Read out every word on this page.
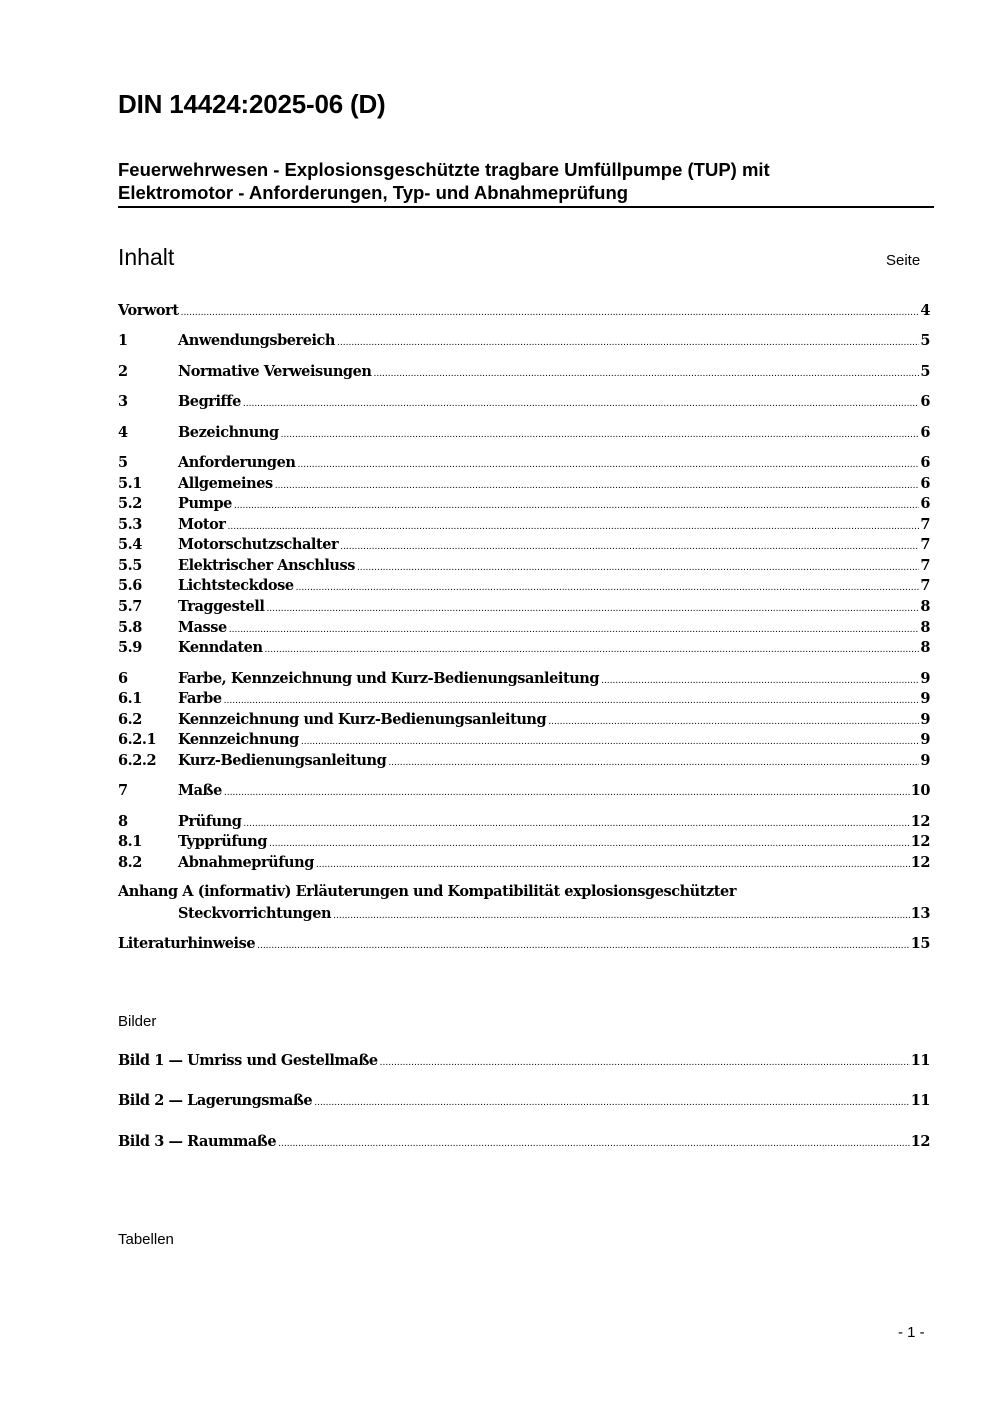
DIN 14424:2025-06 (D)
Feuerwehrwesen - Explosionsgeschützte tragbare Umfüllpumpe (TUP) mit
Elektromotor - Anforderungen, Typ- und Abnahmeprüfung
Inhalt	Seite
Vorwort .....	4
1	Anwendungsbereich .....	5
2	Normative Verweisungen .....	5
3	Begriffe .....	6
4	Bezeichnung .....	6
5	Anforderungen .....	6
5.1 Allgemeines .....	6
5.2 Pumpe .....	6
5.3 Motor .....	7
5.4 Motorschutzschalter .....	7
5.5 Elektrischer Anschluss .....	7
5.6 Lichtsteckdose .....	7
5.7 Traggestell .....	8
5.8 Masse .....	8
5.9 Kenndaten .....	8
6	Farbe, Kennzeichnung und Kurz-Bedienungsanleitung .....	9
6.1 Farbe .....	9
6.2 Kennzeichnung und Kurz-Bedienungsanleitung .....	9
6.2.1 Kennzeichnung .....	9
6.2.2 Kurz-Bedienungsanleitung .....	9
7	Maße .....	10
8	Prüfung .....	12
8.1 Typprüfung .....	12
8.2 Abnahmeprüfung .....	12
Anhang A (informativ) Erläuterungen und Kompatibilität explosionsgeschützter
Steckvorrichtungen .....	13
Literaturhinweise .....	15
Bilder
Bild 1 — Umriss und Gestellmaße .....	11
Bild 2 — Lagerungsmaße .....	11
Bild 3 — Raummaße .....	12
Tabellen
- 1 -
